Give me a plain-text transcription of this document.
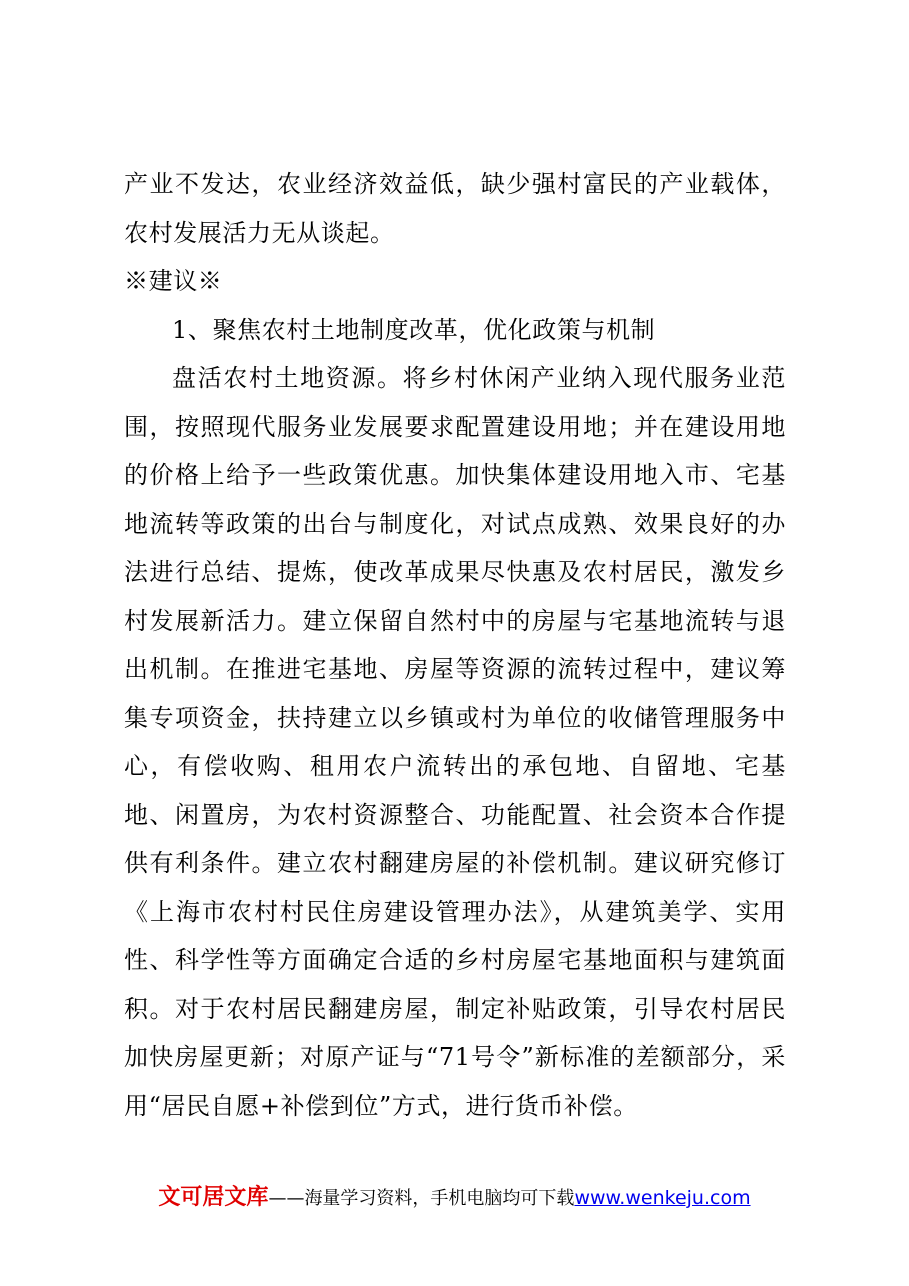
产业不发达，农业经济效益低，缺少强村富民的产业载体，农村发展活力无从谈起。

※建议※

1、聚焦农村土地制度改革，优化政策与机制

盘活农村土地资源。将乡村休闲产业纳入现代服务业范围，按照现代服务业发展要求配置建设用地；并在建设用地的价格上给予一些政策优惠。加快集体建设用地入市、宅基地流转等政策的出台与制度化，对试点成熟、效果良好的办法进行总结、提炼，使改革成果尽快惠及农村居民，激发乡村发展新活力。建立保留自然村中的房屋与宅基地流转与退出机制。在推进宅基地、房屋等资源的流转过程中，建议筹集专项资金，扶持建立以乡镇或村为单位的收储管理服务中心，有偿收购、租用农户流转出的承包地、自留地、宅基地、闲置房，为农村资源整合、功能配置、社会资本合作提供有利条件。建立农村翻建房屋的补偿机制。建议研究修订《上海市农村村民住房建设管理办法》，从建筑美学、实用性、科学性等方面确定合适的乡村房屋宅基地面积与建筑面积。对于农村居民翻建房屋，制定补贴政策，引导农村居民加快房屋更新；对原产证与“71号令”新标准的差额部分，采用“居民自愿+补偿到位”方式，进行货币补偿。

文可居文库——海量学习资料，手机电脑均可下载www.wenkeju.com
